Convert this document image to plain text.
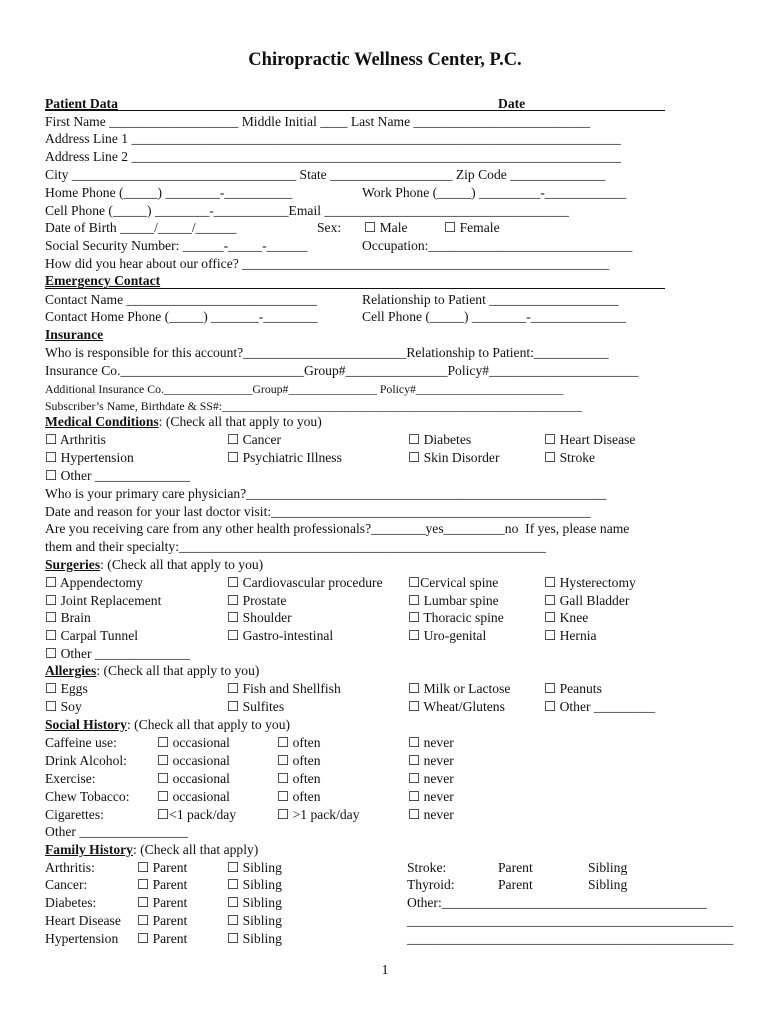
Chiropractic Wellness Center, P.C.
Patient Data	Date
First Name ___________________ Middle Initial ____ Last Name __________________________
Address Line 1 ________________________________________________________________________
Address Line 2 ________________________________________________________________________
City _________________________________ State __________________ Zip Code ______________
Home Phone (_____) ________-__________	Work Phone (_____) _________-____________
Cell Phone (_____) ________-___________Email ____________________________________
Date of Birth _____/_____/______	Sex: ☐ Male	☐ Female
Social Security Number: ______-_____-______	Occupation:______________________________
How did you hear about our office? ______________________________________________________
Emergency Contact
Contact Name ____________________________	Relationship to Patient ___________________
Contact Home Phone (_____) _______-________	Cell Phone (_____) ________-______________
Insurance
Who is responsible for this account?________________________Relationship to Patient:___________
Insurance Co.___________________________Group#_______________Policy#______________________
Additional Insurance Co._______________Group#_______________ Policy#_________________________
Subscriber’s Name, Birthdate & SS#:_____________________________________________________________
Medical Conditions: (Check all that apply to you)
☐ Arthritis	☐ Cancer	☐ Diabetes	☐ Heart Disease
☐ Hypertension	☐ Psychiatric Illness	☐ Skin Disorder	☐ Stroke
☐ Other ______________
Who is your primary care physician?_____________________________________________________
Date and reason for your last doctor visit:_______________________________________________
Are you receiving care from any other health professionals?________yes_________no  If yes, please name
them and their specialty:______________________________________________________
Surgeries: (Check all that apply to you)
☐ Appendectomy	☐ Cardiovascular procedure ☐Cervical spine	☐ Hysterectomy
☐ Joint Replacement	☐ Prostate	☐ Lumbar spine	☐ Gall Bladder
☐ Brain	☐ Shoulder	☐ Thoracic spine	☐ Knee
☐ Carpal Tunnel	☐ Gastro-intestinal	☐ Uro-genital	☐ Hernia
☐ Other ______________
Allergies: (Check all that apply to you)
☐ Eggs	☐ Fish and Shellfish	☐ Milk or Lactose ☐ Peanuts
☐ Soy	☐ Sulfites	☐ Wheat/Glutens	☐ Other _________
Social History: (Check all that apply to you)
Caffeine use:	☐ occasional	☐ often	☐ never
Drink Alcohol: ☐ occasional	☐ often	☐ never
Exercise:	☐ occasional	☐ often	☐ never
Chew Tobacco: ☐ occasional	☐ often	☐ never
Cigarettes:	☐<1 pack/day	☐ >1 pack/day	☐ never
Other ________________
Family History: (Check all that apply)
Arthritis:	☐ Parent	☐ Sibling
Cancer:	☐ Parent	☐ Sibling
Diabetes:	☐ Parent	☐ Sibling
Heart Disease ☐ Parent	☐ Sibling
Hypertension ☐ Parent	☐ Sibling
Stroke:	Parent	Sibling
Thyroid:	Parent	Sibling
Other:_______________________________________
________________________________________________
________________________________________________
1
